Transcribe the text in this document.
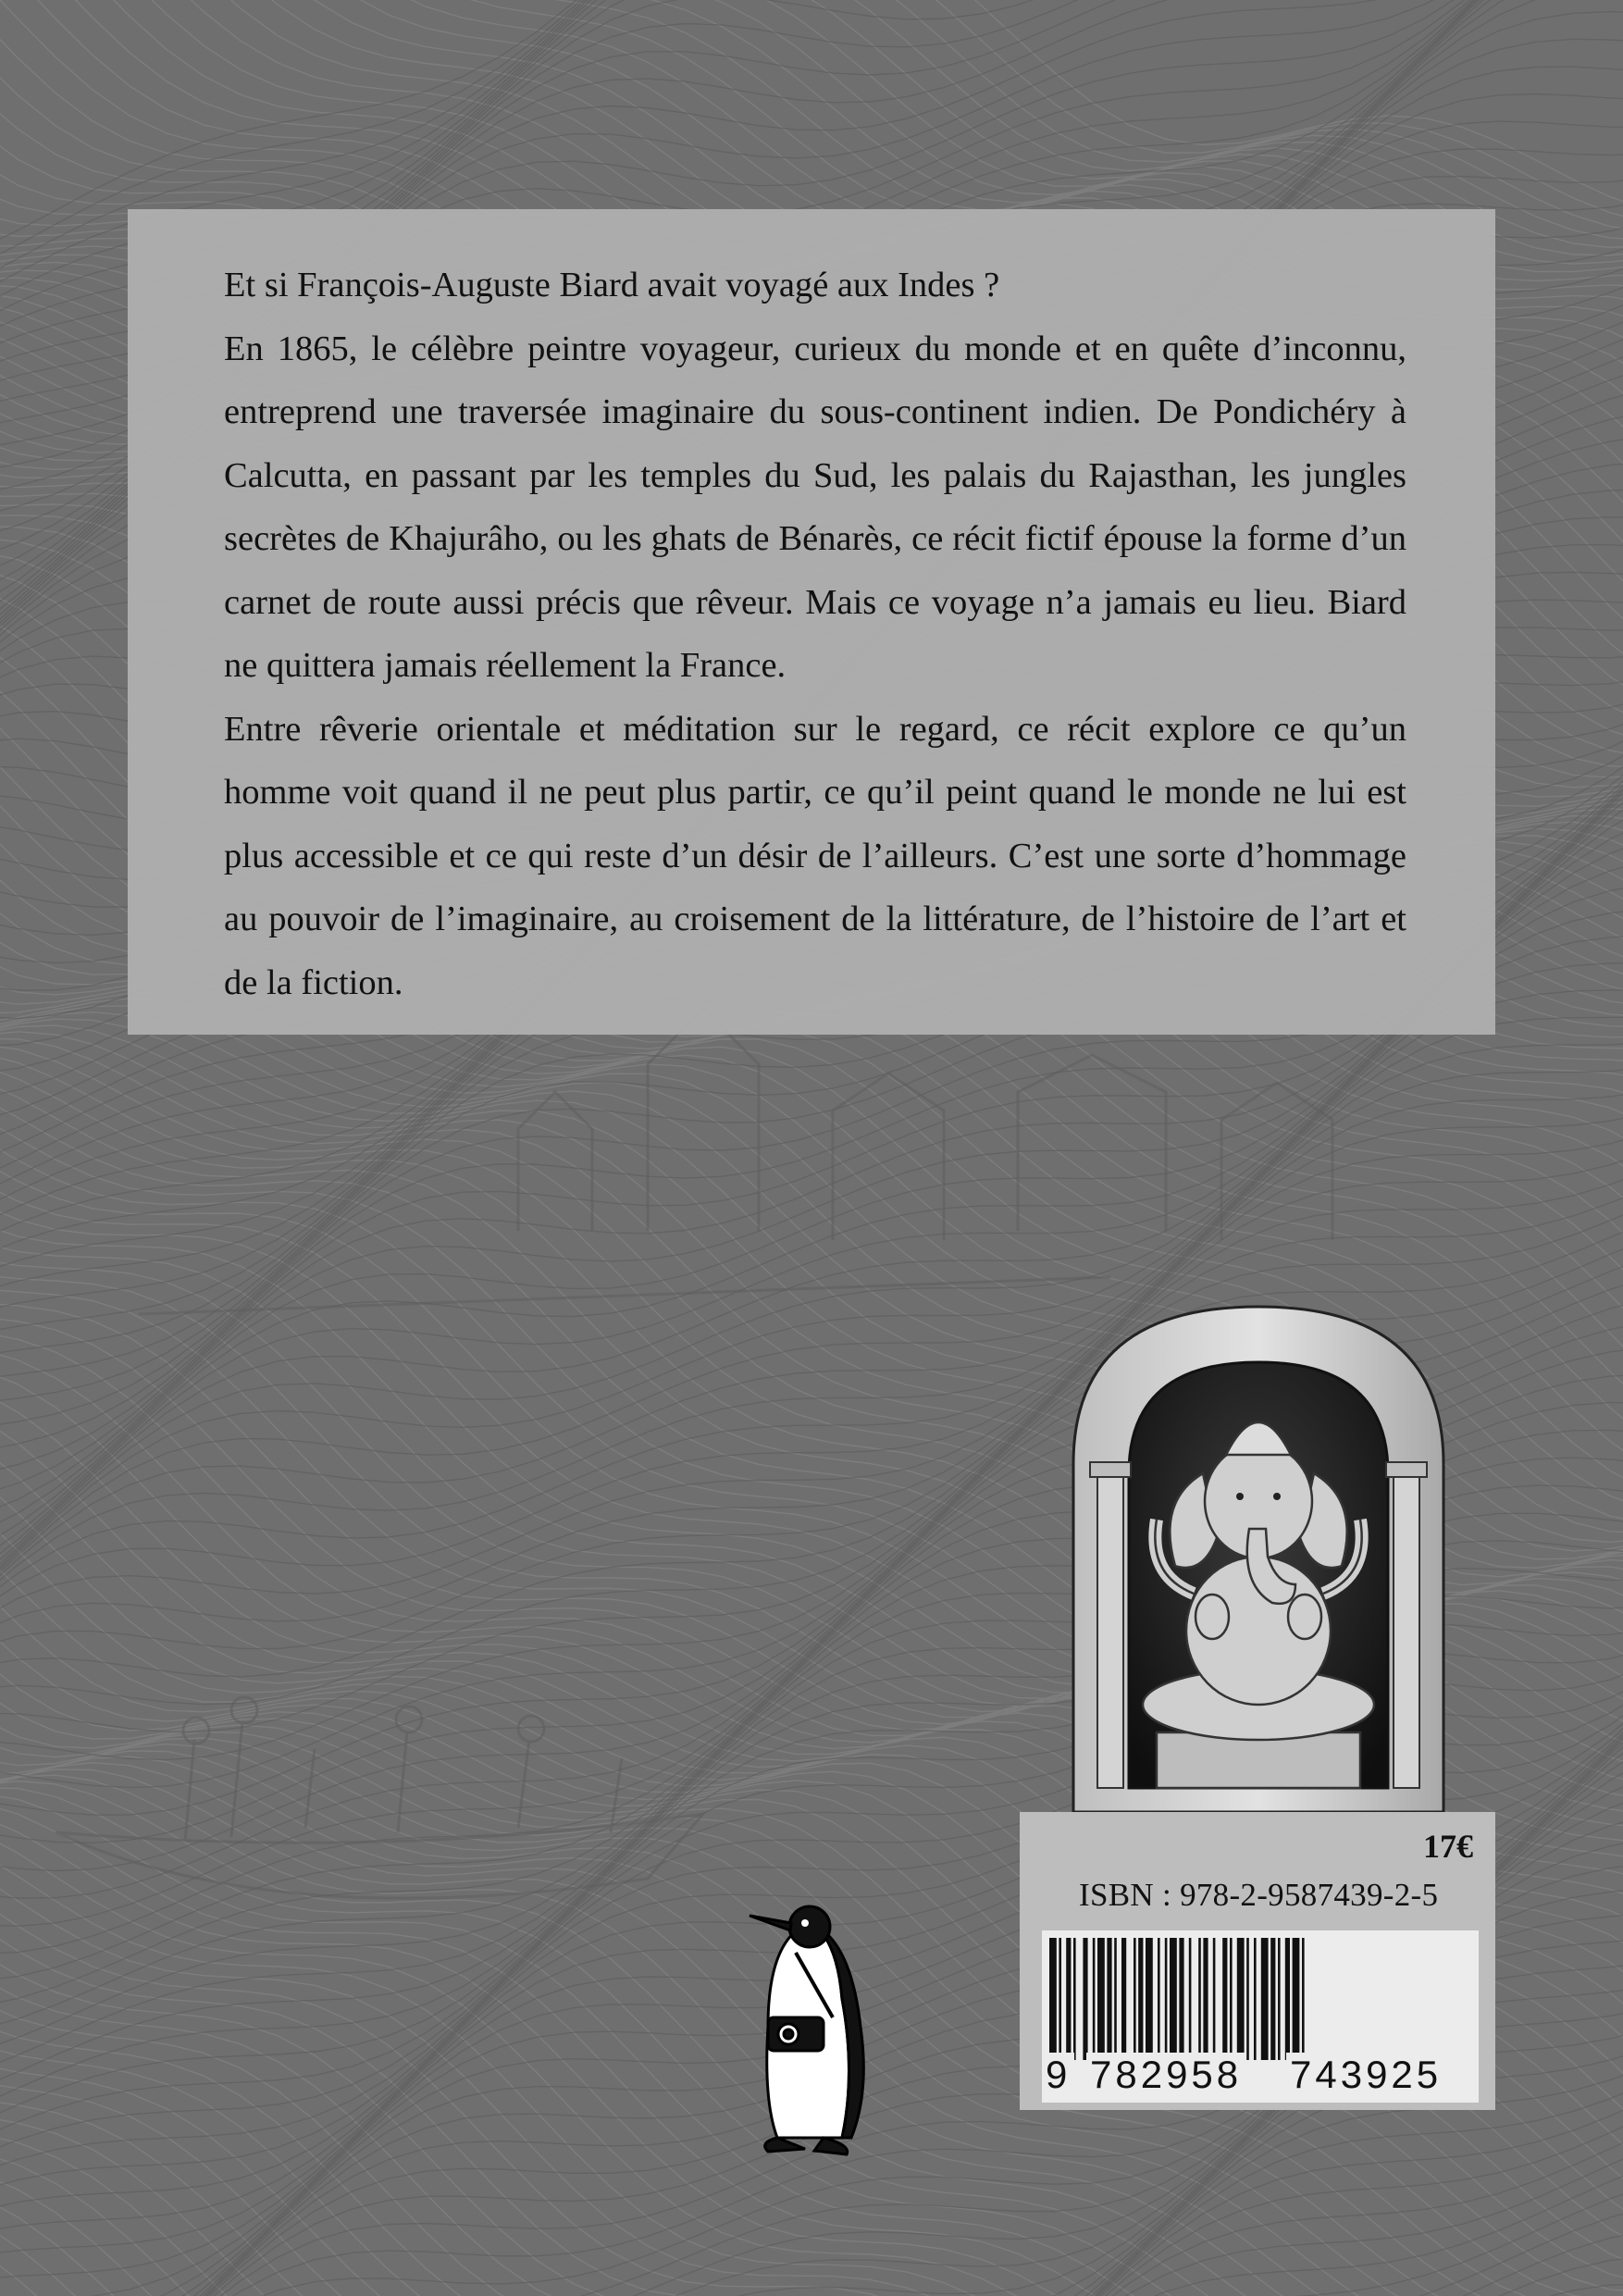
Et si François-Auguste Biard avait voyagé aux Indes ?

En 1865, le célèbre peintre voyageur, curieux du monde et en quête d’inconnu, entreprend une traversée imaginaire du sous-continent indien. De Pondichéry à Calcutta, en passant par les temples du Sud, les palais du Rajasthan, les jungles secrètes de Khajurâho, ou les ghats de Bénarès, ce récit fictif épouse la forme d’un carnet de route aussi précis que rêveur. Mais ce voyage n’a jamais eu lieu. Biard ne quittera jamais réellement la France.

Entre rêverie orientale et méditation sur le regard, ce récit explore ce qu’un homme voit quand il ne peut plus partir, ce qu’il peint quand le monde ne lui est plus accessible et ce qui reste d’un désir de l’ailleurs. C’est une sorte d’hommage au pouvoir de l’imaginaire, au croisement de la littérature, de l’histoire de l’art et de la fiction.

17€

ISBN : 978-2-9587439-2-5

9 782958 743925
